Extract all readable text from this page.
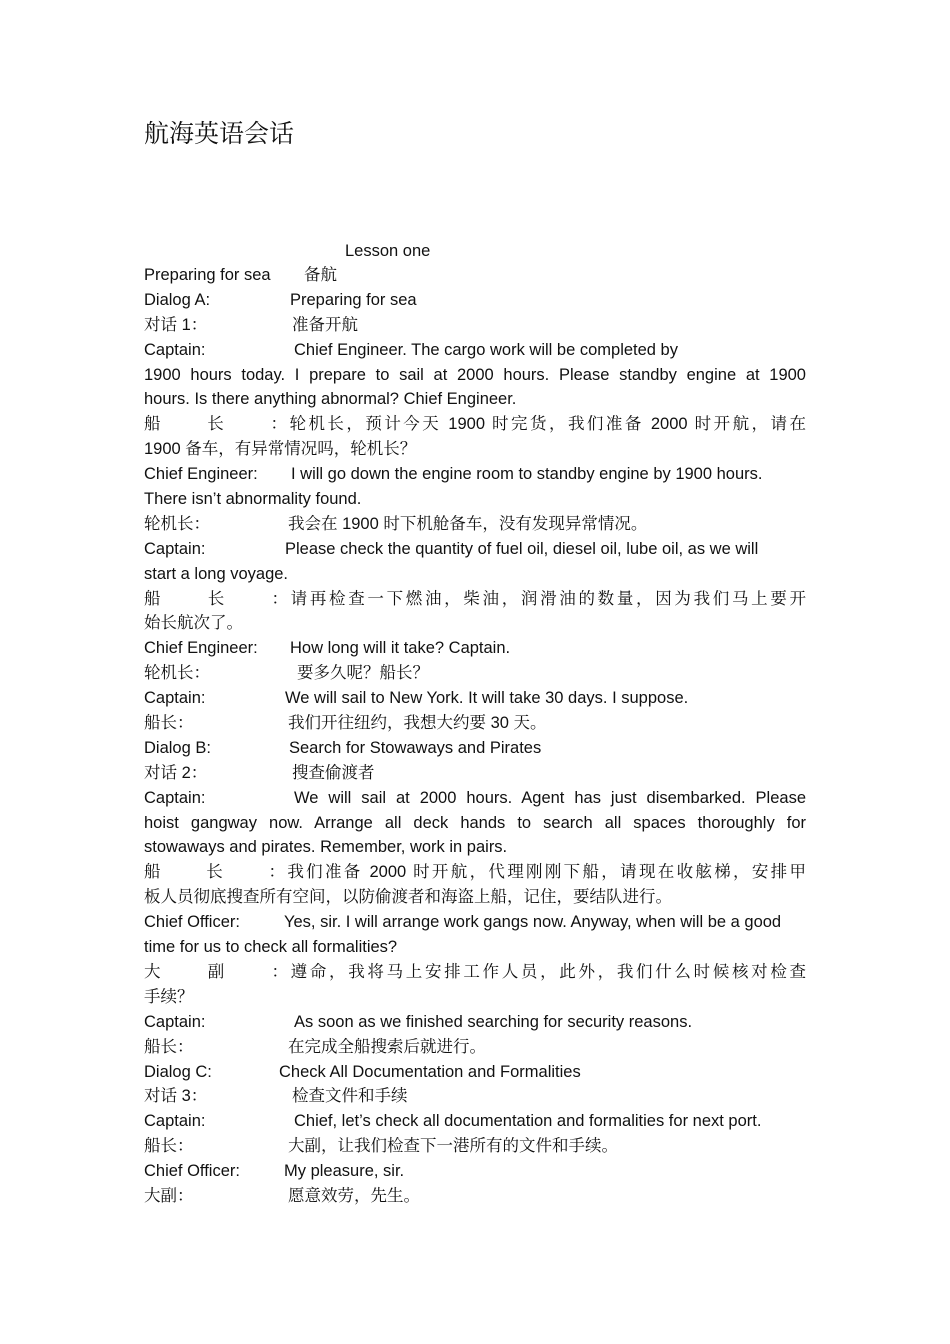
航海英语会话
Lesson one
Preparing for sea 备航
Dialog A:	Preparing for sea
对话 1：	准备开航
Captain:	Chief Engineer. The cargo work will be completed by
1900 hours today. I prepare to sail at 2000 hours. Please standby engine at 1900
hours. Is there anything abnormal? Chief Engineer.
船长：轮机长，预计今天 1900 时完货，我们准备 2000 时开航，请在
1900 备车，有异常情况吗，轮机长？
Chief Engineer: I will go down the engine room to standby engine by 1900 hours.
There isn’t abnormality found.
轮机长：	我会在 1900 时下机舱备车，没有发现异常情况。
Captain:	Please check the quantity of fuel oil, diesel oil, lube oil, as we will
start a long voyage.
船长：请再检查一下燃油，柴油，润滑油的数量，因为我们马上要开
始长航次了。
Chief Engineer: How long will it take? Captain.
轮机长：	要多久呢？船长？
Captain:	We will sail to New York. It will take 30 days. I suppose.
船长：	我们开往纽约，我想大约要 30 天。
Dialog B:	Search for Stowaways and Pirates
对话 2：	搜查偷渡者
Captain:	We will sail at 2000 hours. Agent has just disembarked. Please
hoist gangway now. Arrange all deck hands to search all spaces thoroughly for
stowaways and pirates. Remember, work in pairs.
船长：我们准备 2000 时开航，代理刚刚下船，请现在收舷梯，安排甲
板人员彻底搜查所有空间，以防偷渡者和海盗上船，记住，要结队进行。
Chief Officer:	Yes, sir. I will arrange work gangs now. Anyway, when will be a good
time for us to check all formalities?
大副：遵命，我将马上安排工作人员，此外，我们什么时候核对检查
手续？
Captain:	As soon as we finished searching for security reasons.
船长：	在完成全船搜索后就进行。
Dialog C:	Check All Documentation and Formalities
对话 3：	检查文件和手续
Captain:	Chief, let’s check all documentation and formalities for next port.
船长：	大副，让我们检查下一港所有的文件和手续。
Chief Officer:	My pleasure, sir.
大副：	愿意效劳，先生。
